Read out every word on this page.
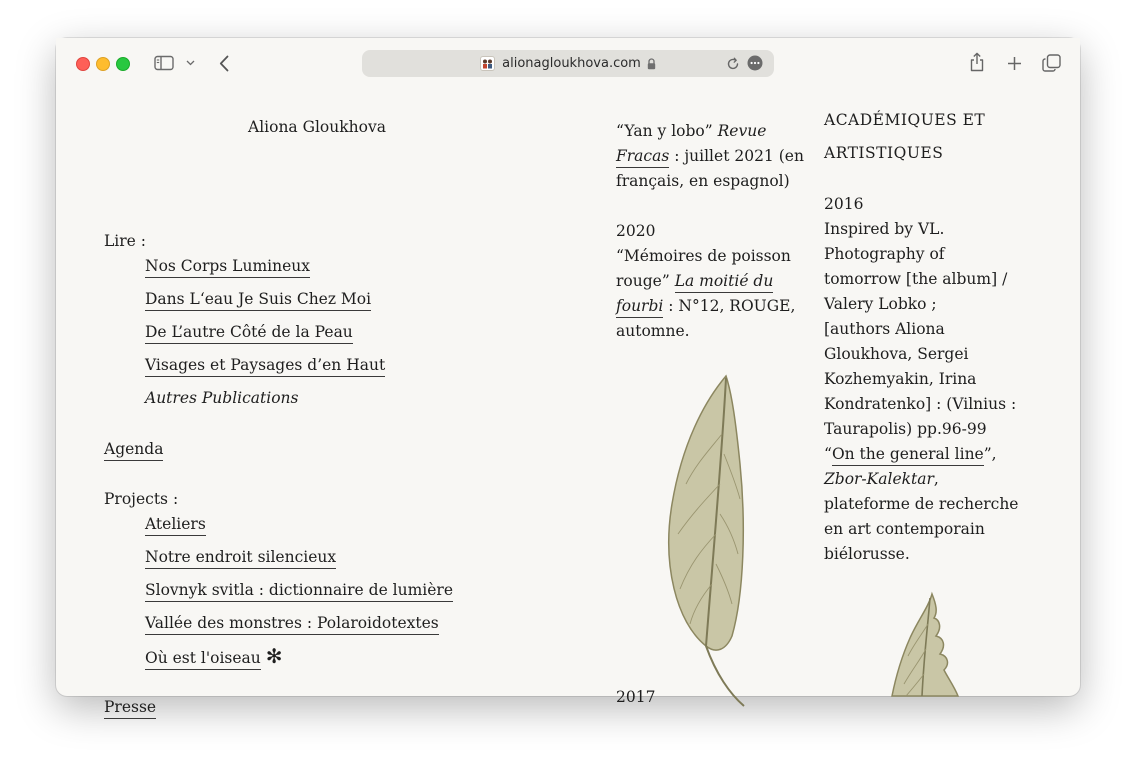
alionagloukhova.com
Aliona Gloukhova
Lire :
Nos Corps Lumineux
Dans L‘eau Je Suis Chez Moi
De L’autre Côté de la Peau
Visages et Paysages d’en Haut
Autres Publications
Agenda
Projects :
Ateliers
Notre endroit silencieux
Slovnyk svitla : dictionnaire de lumière
Vallée des monstres : Polaroidotextes
Où est l'oiseau ✻
Presse
“Yan y lobo” Revue
Fracas : juillet 2021 (en
français, en espagnol)
2020
“Mémoires de poisson
rouge” La moitié du
fourbi : N°12, ROUGE,
automne.
2017
ACADÉMIQUES ET
ARTISTIQUES
2016
Inspired by VL.
Photography of
tomorrow [the album] /
Valery Lobko ;
[authors Aliona
Gloukhova, Sergei
Kozhemyakin, Irina
Kondratenko] : (Vilnius :
Taurapolis) pp.96-99
“On the general line”,
Zbor-Kalektar,
plateforme de recherche
en art contemporain
biélorusse.
